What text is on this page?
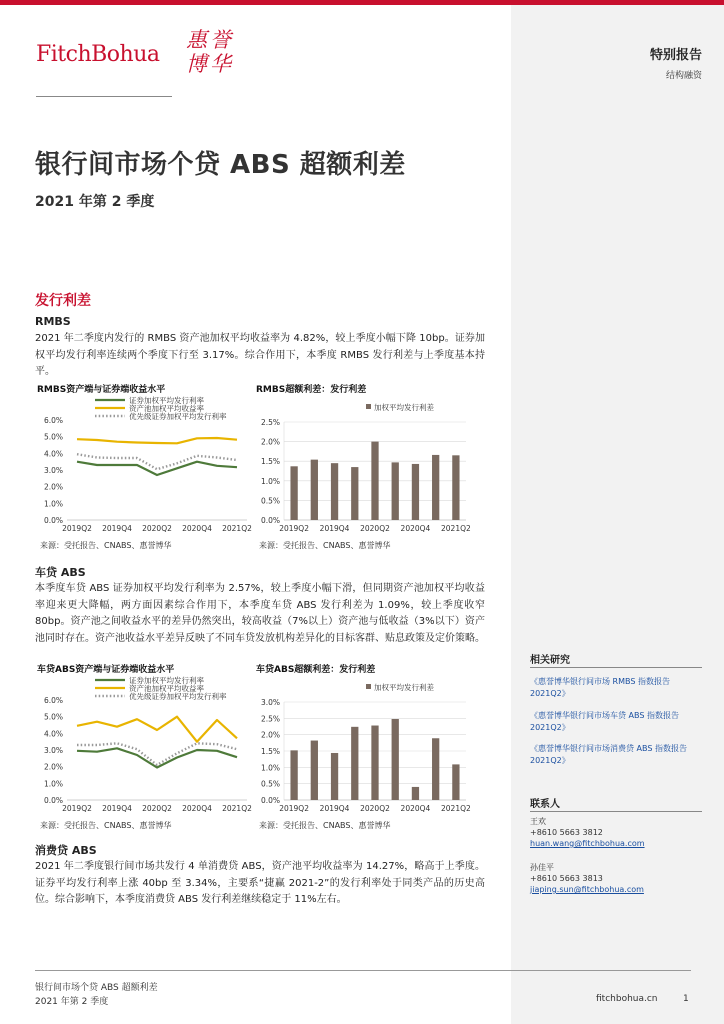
FitchBohua
惠誉
博华	特别报告
结构融资
银行间市场个贷 ABS 超额利差
2021 年第 2 季度
发行利差
RMBS
2021 年二季度内发行的 RMBS 资产池加权平均收益率为 4.82%，较上季度小幅下降 10bp。证券加权平均发行利率连续两个季度下行至 3.17%。综合作用下，本季度 RMBS 发行利差与上季度基本持平。
RMBS资产端与证券端收益水平
0.0%
1.0%
2.0%
3.0%
4.0%
5.0%
6.0%
2019Q2 2019Q4 2020Q2 2020Q4 2021Q2
证券加权平均发行利率
资产池加权平均收益率
优先级证券加权平均发行利率
RMBS超额利差：发行利差
0.0%
0.5%
1.0%
1.5%
2.0%
2.5%
2019Q2 2019Q4 2020Q2 2020Q4 2021Q2
加权平均发行利差
来源：受托报告、CNABS、惠誉博华	来源：受托报告、CNABS、惠誉博华
车贷 ABS
本季度车贷 ABS 证券加权平均发行利率为 2.57%，较上季度小幅下滑，但同期资产池加权平均收益率迎来更大降幅，两方面因素综合作用下，本季度车贷 ABS 发行利差为 1.09%，较上季度收窄 80bp。资产池之间收益水平的差异仍然突出，较高收益（7%以上）资产池与低收益（3%以下）资产池同时存在。资产池收益水平差异反映了不同车贷发放机构差异化的目标客群、贴息政策及定价策略。
车贷ABS资产端与证券端收益水平
0.0%
1.0%
2.0%
3.0%
4.0%
5.0%
6.0%
2019Q2 2019Q4 2020Q2 2020Q4 2021Q2
证券加权平均发行利率
资产池加权平均收益率
优先级证券加权平均发行利率
车贷ABS超额利差：发行利差
0.0%
0.5%
1.0%
1.5%
2.0%
2.5%
3.0%
2019Q2 2019Q4 2020Q2 2020Q4 2021Q2
加权平均发行利差
来源：受托报告、CNABS、惠誉博华	来源：受托报告、CNABS、惠誉博华
消费贷 ABS
2021 年二季度银行间市场共发行 4 单消费贷 ABS，资产池平均收益率为 14.27%，略高于上季度。证券平均发行利率上涨 40bp 至 3.34%，主要系“捷赢 2021-2”的发行利率处于同类产品的历史高位。综合影响下，本季度消费贷 ABS 发行利差继续稳定于 11%左右。
相关研究
《惠誉博华银行间市场 RMBS 指数报告 2021Q2》
《惠誉博华银行间市场车贷 ABS 指数报告 2021Q2》
《惠誉博华银行间市场消费贷 ABS 指数报告 2021Q2》
联系人
王欢
+8610 5663 3812
huan.wang@fitchbohua.com
孙佳平
+8610 5663 3813
jiaping.sun@fitchbohua.com
银行间市场个贷 ABS 超额利差
2021 年第 2 季度	fitchbohua.cn	1
